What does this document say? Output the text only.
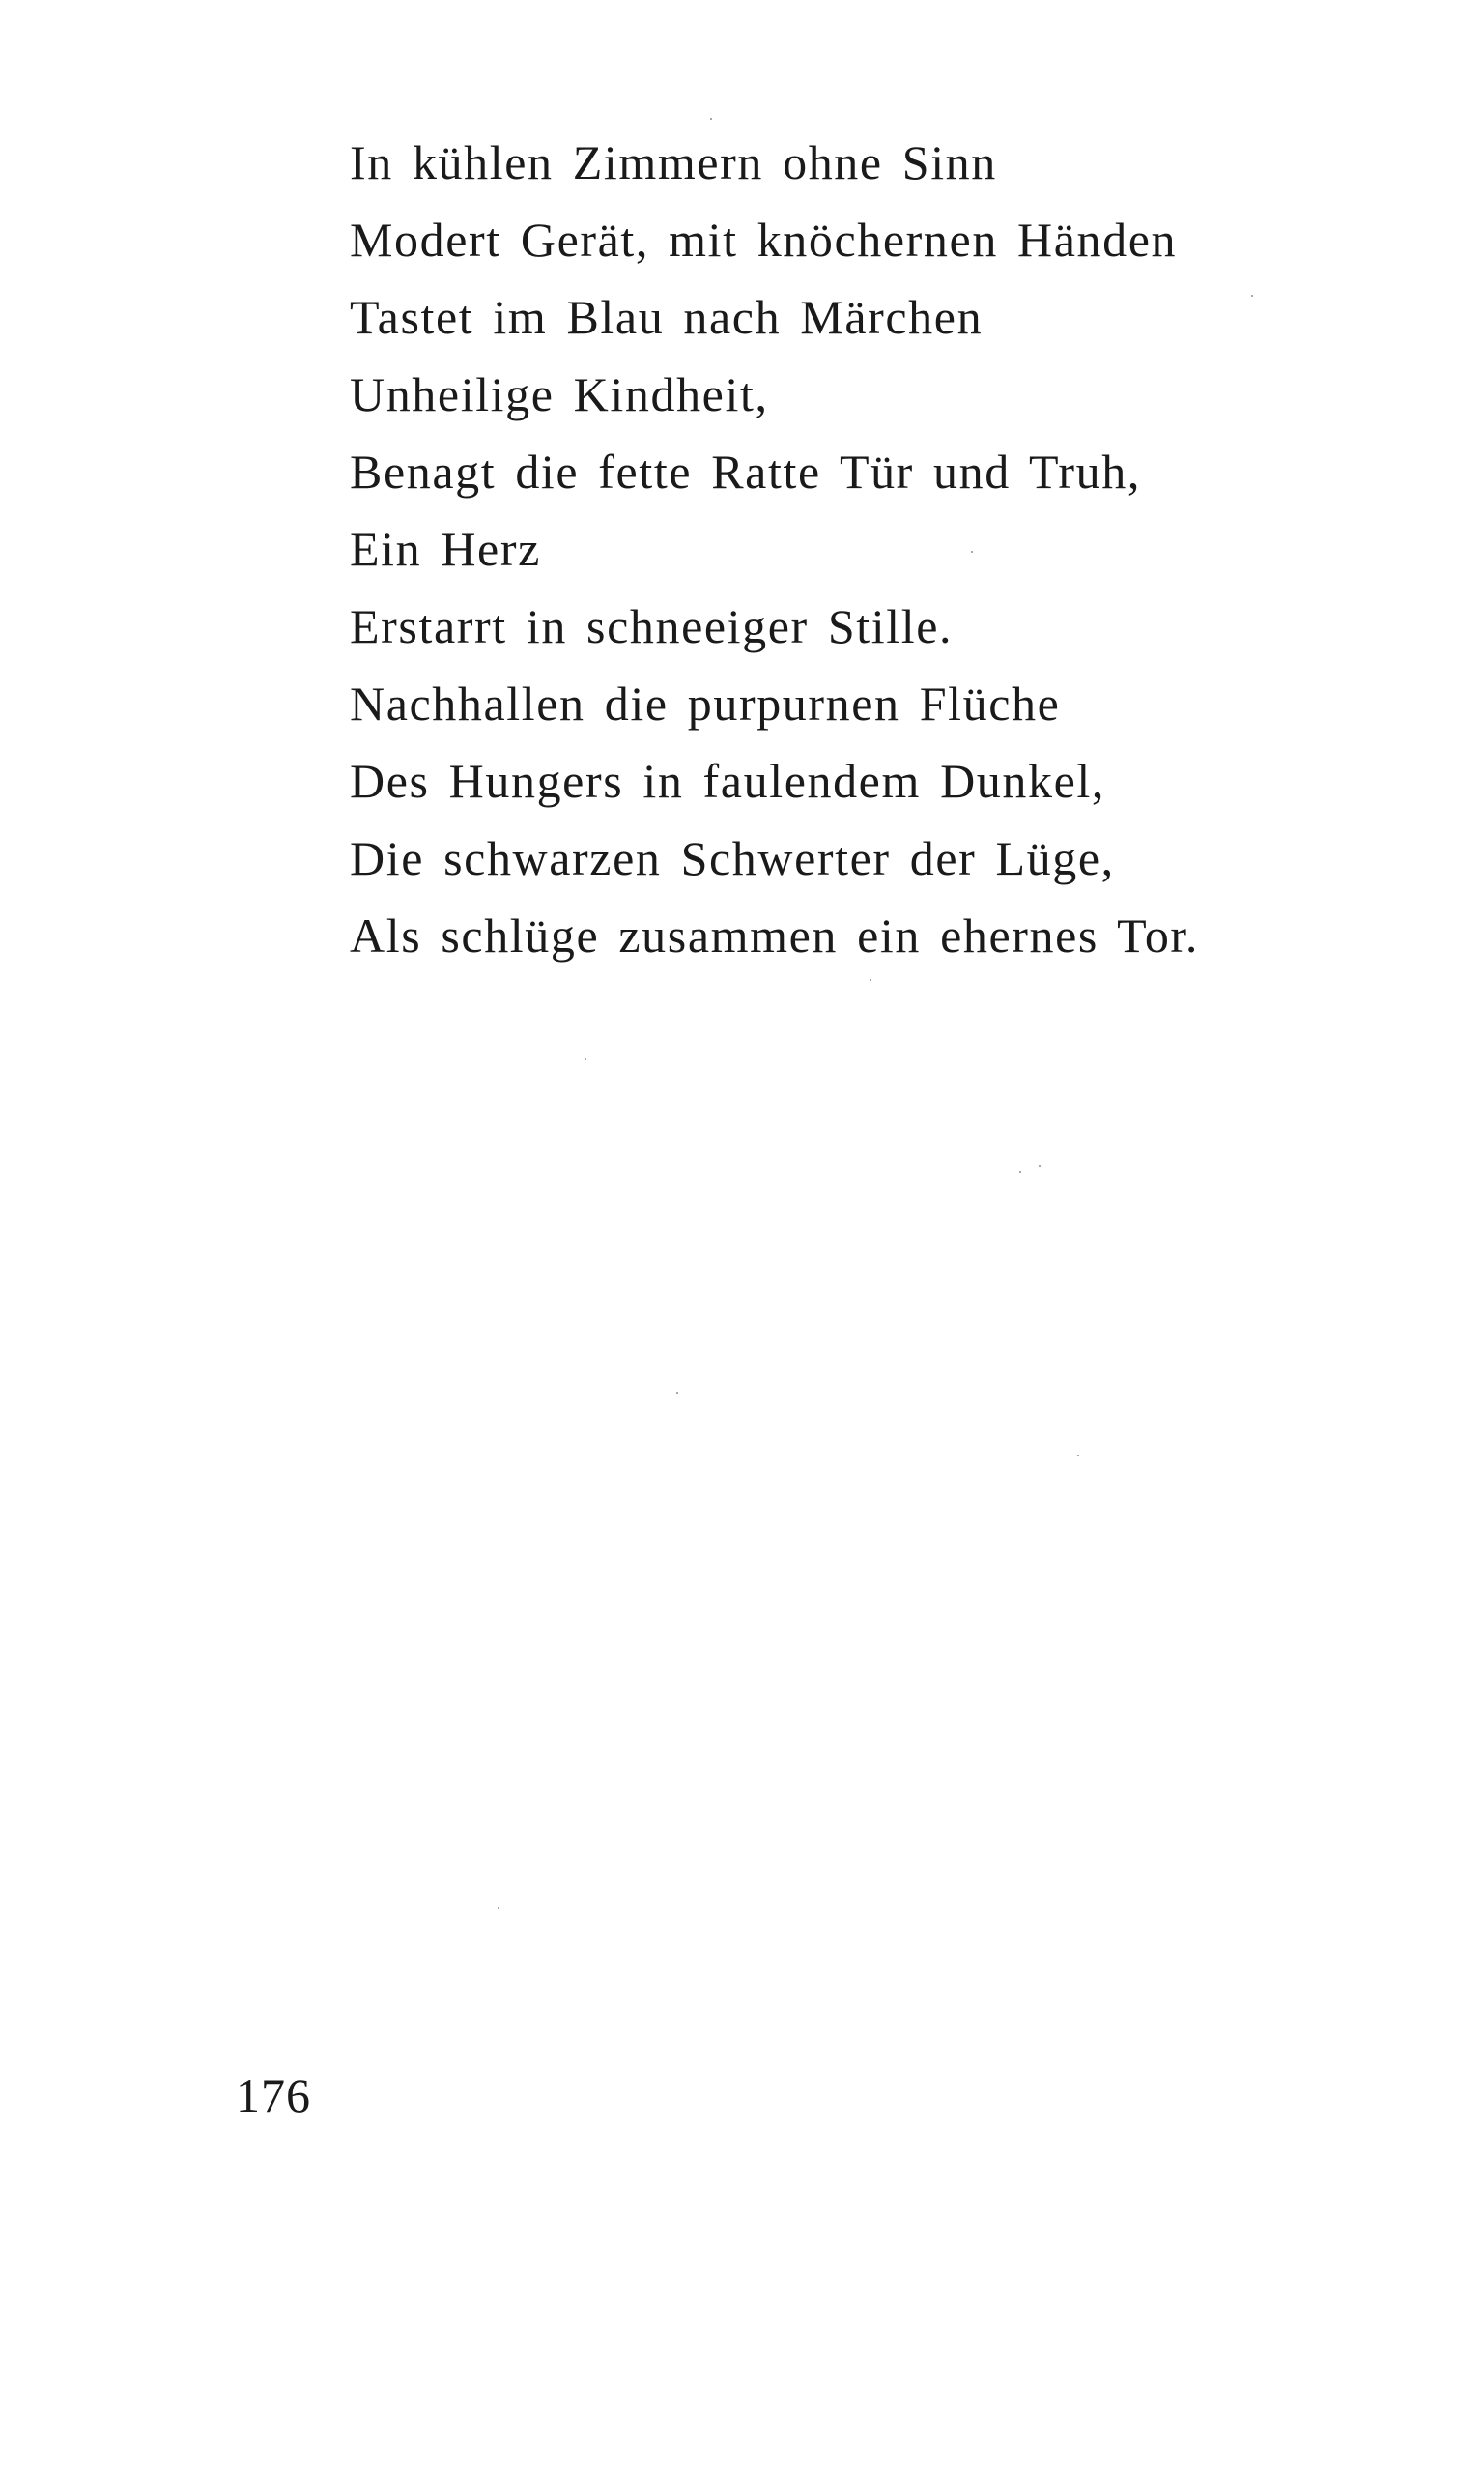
In kühlen Zimmern ohne Sinn
Modert Gerät, mit knöchernen Händen
Tastet im Blau nach Märchen
Unheilige Kindheit,
Benagt die fette Ratte Tür und Truh,
Ein Herz
Erstarrt in schneeiger Stille.
Nachhallen die purpurnen Flüche
Des Hungers in faulendem Dunkel,
Die schwarzen Schwerter der Lüge,
Als schlüge zusammen ein ehernes Tor.
176
